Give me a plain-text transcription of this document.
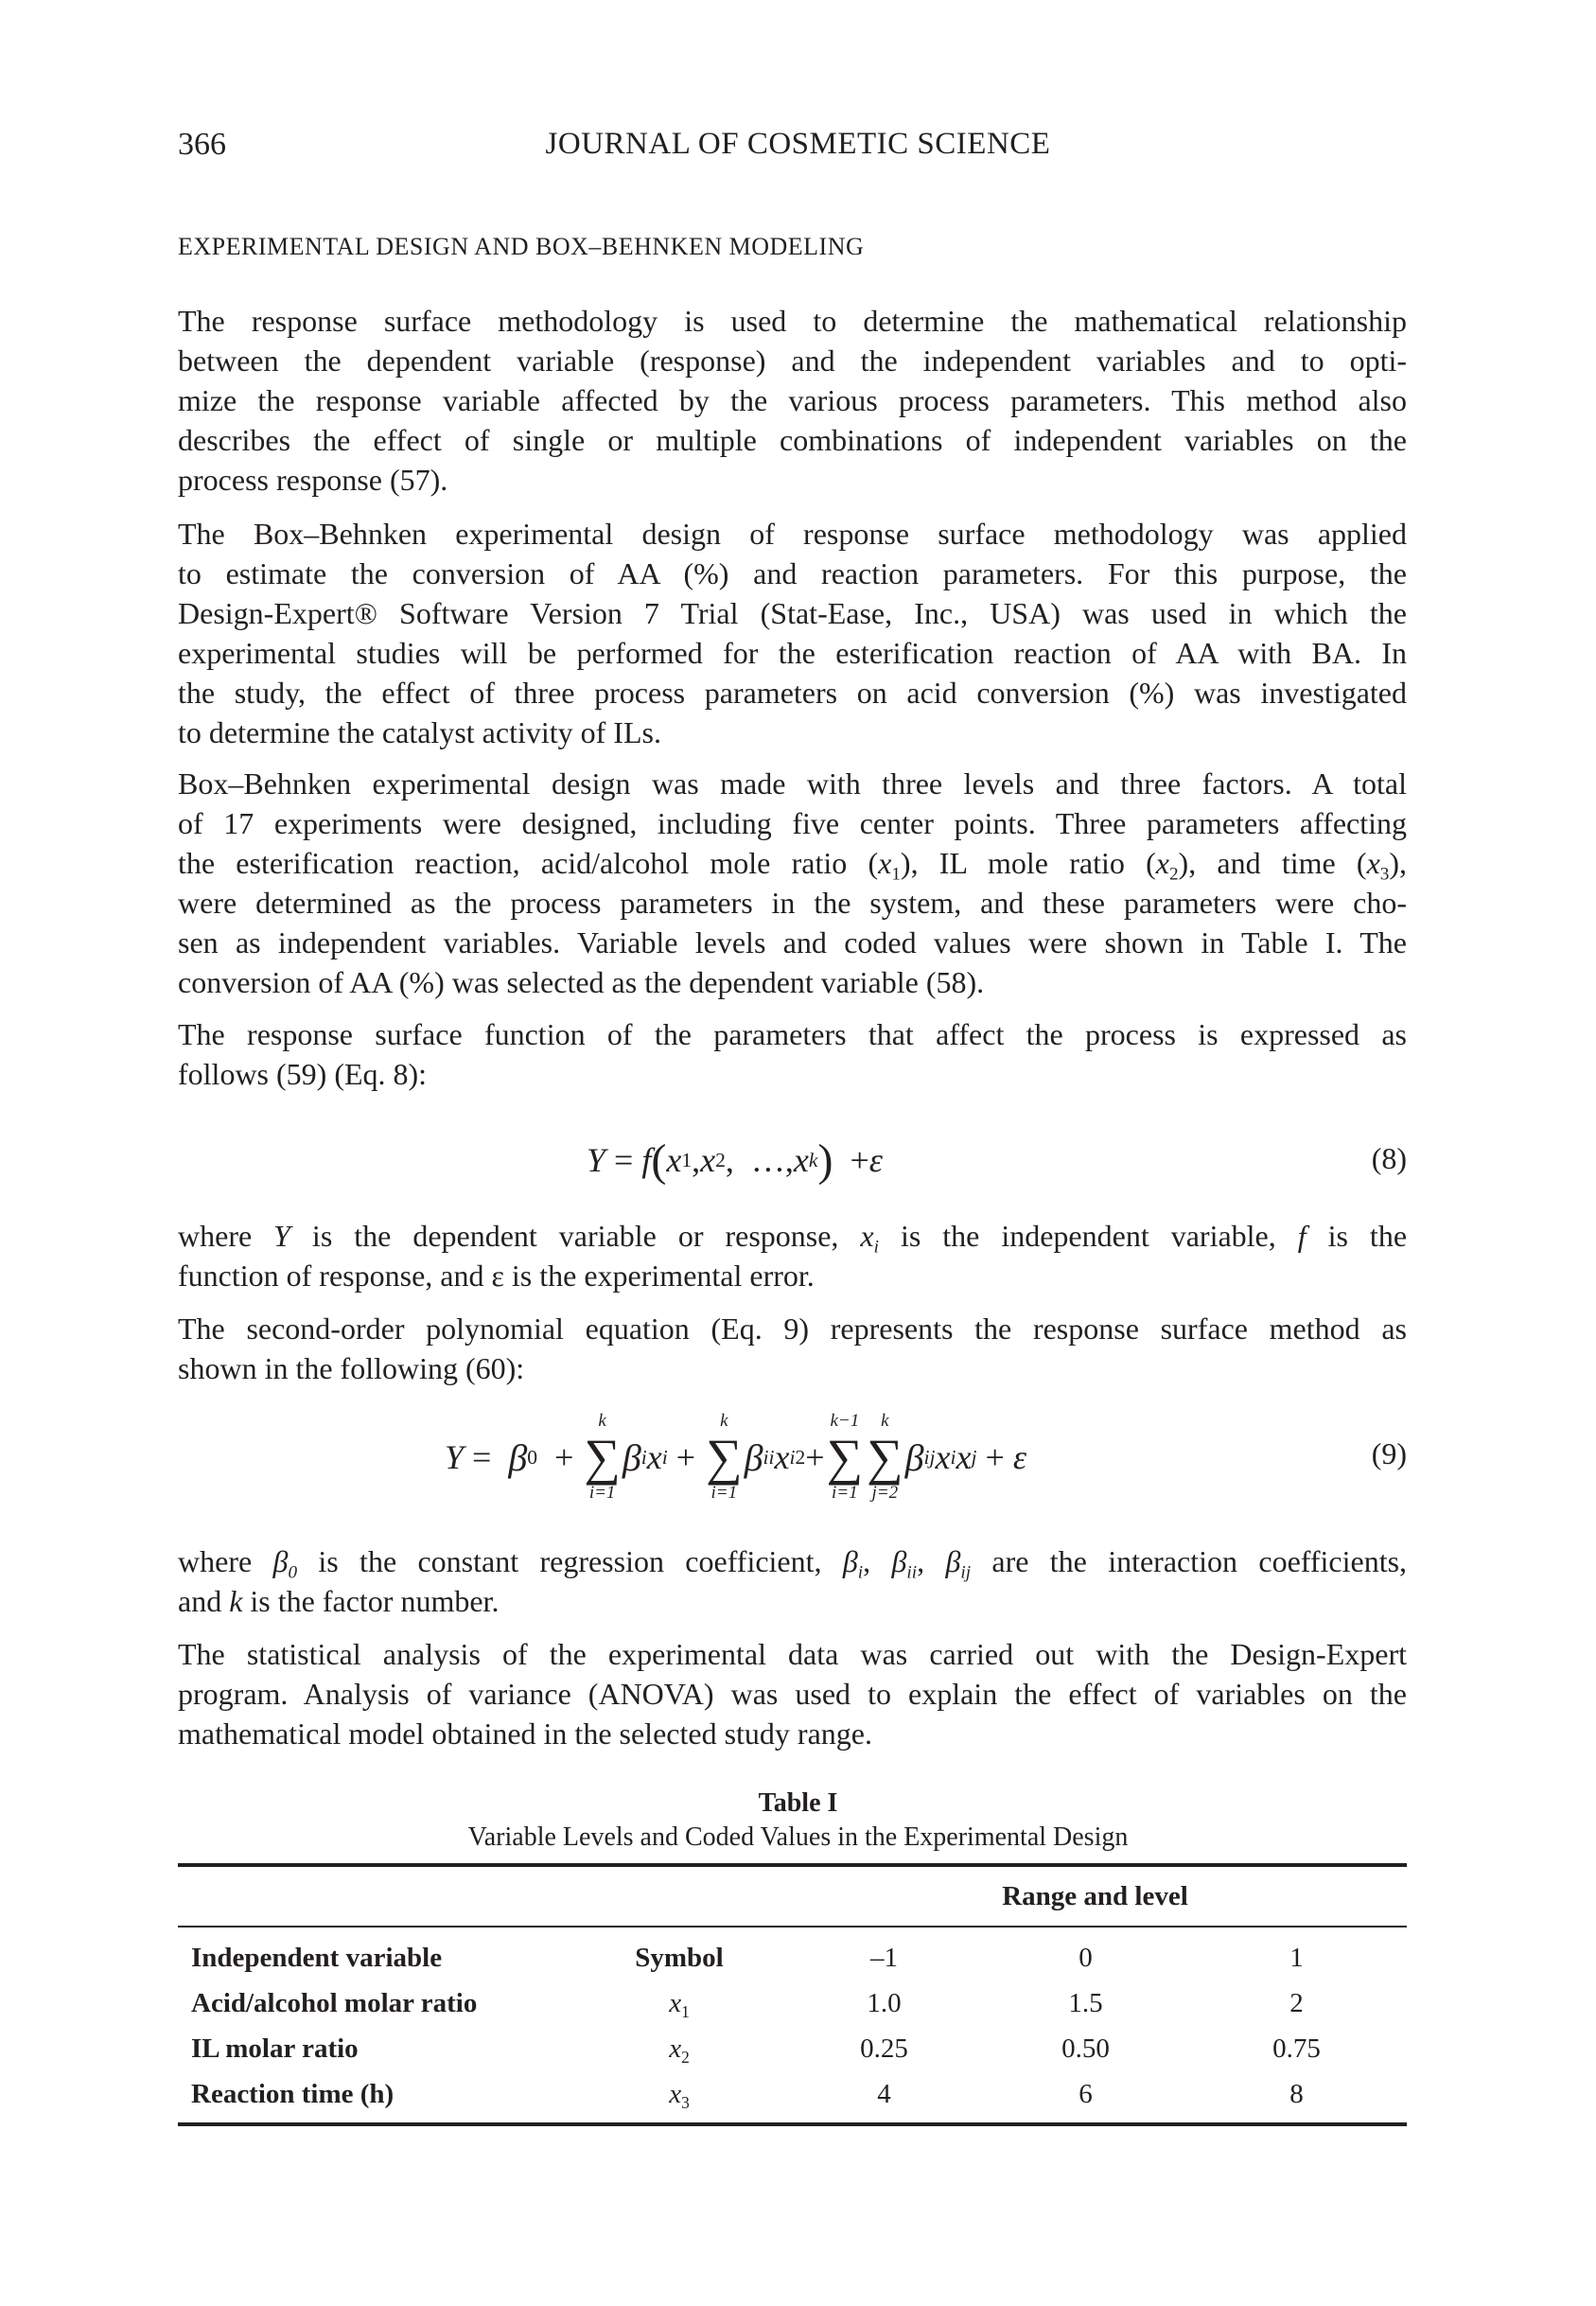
366	JOURNAL OF COSMETIC SCIENCE
EXPERIMENTAL DESIGN AND BOX–BEHNKEN MODELING
The response surface methodology is used to determine the mathematical relationship
between the dependent variable (response) and the independent variables and to opti-
mize the response variable affected by the various process parameters. This method also
describes the effect of single or multiple combinations of independent variables on the
process response (57).
The Box–Behnken experimental design of response surface methodology was applied
to estimate the conversion of AA (%) and reaction parameters. For this purpose, the
Design-Expert® Software Version 7 Trial (Stat-Ease, Inc., USA) was used in which the
experimental studies will be performed for the esterification reaction of AA with BA. In
the study, the effect of three process parameters on acid conversion (%) was investigated
to determine the catalyst activity of ILs.
Box–Behnken experimental design was made with three levels and three factors. A total
of 17 experiments were designed, including five center points. Three parameters affecting
the esterification reaction, acid/alcohol mole ratio $(x_1)$, IL mole ratio $(x_2)$, and time $(x_3)$,
were determined as the process parameters in the system, and these parameters were cho-
sen as independent variables. Variable levels and coded values were shown in Table I. The
conversion of AA (%) was selected as the dependent variable (58).
The response surface function of the parameters that affect the process is expressed as
follows (59) (Eq. 8):
Y
=
f ( x 1 , x 2 ,
…, x k )
+ ε	(8)
where Y is the dependent variable or response, $x_i$ is the independent variable, f is the
function of response, and ε is the experimental error.
The second-order polynomial equation (Eq. 9) represents the response surface method as
shown in the following (60):
Y
=
β 0
+

k
∑
i=1
β i x i
+

k
∑
i=1
β ii x i 2 +
k−1
∑
i=1
k
∑
j=2
β ij x i x j
+
ε	(9)
where $\beta_0$ is the constant regression coefficient, $\beta_i$, $\beta_{ii}$, $\beta_{ij}$ are the interaction coefficients,
and k is the factor number.
The statistical analysis of the experimental data was carried out with the Design-Expert
program. Analysis of variance (ANOVA) was used to explain the effect of variables on the
mathematical model obtained in the selected study range.
Table I
Variable Levels and Coded Values in the Experimental Design
		Range and level		
Independent variable	Symbol	–1	0	1
Acid/alcohol molar ratio	$x_1$	1.0	1.5	2
IL molar ratio	$x_2$	0.25	0.50	0.75
Reaction time (h)	$x_3$	4	6	8
